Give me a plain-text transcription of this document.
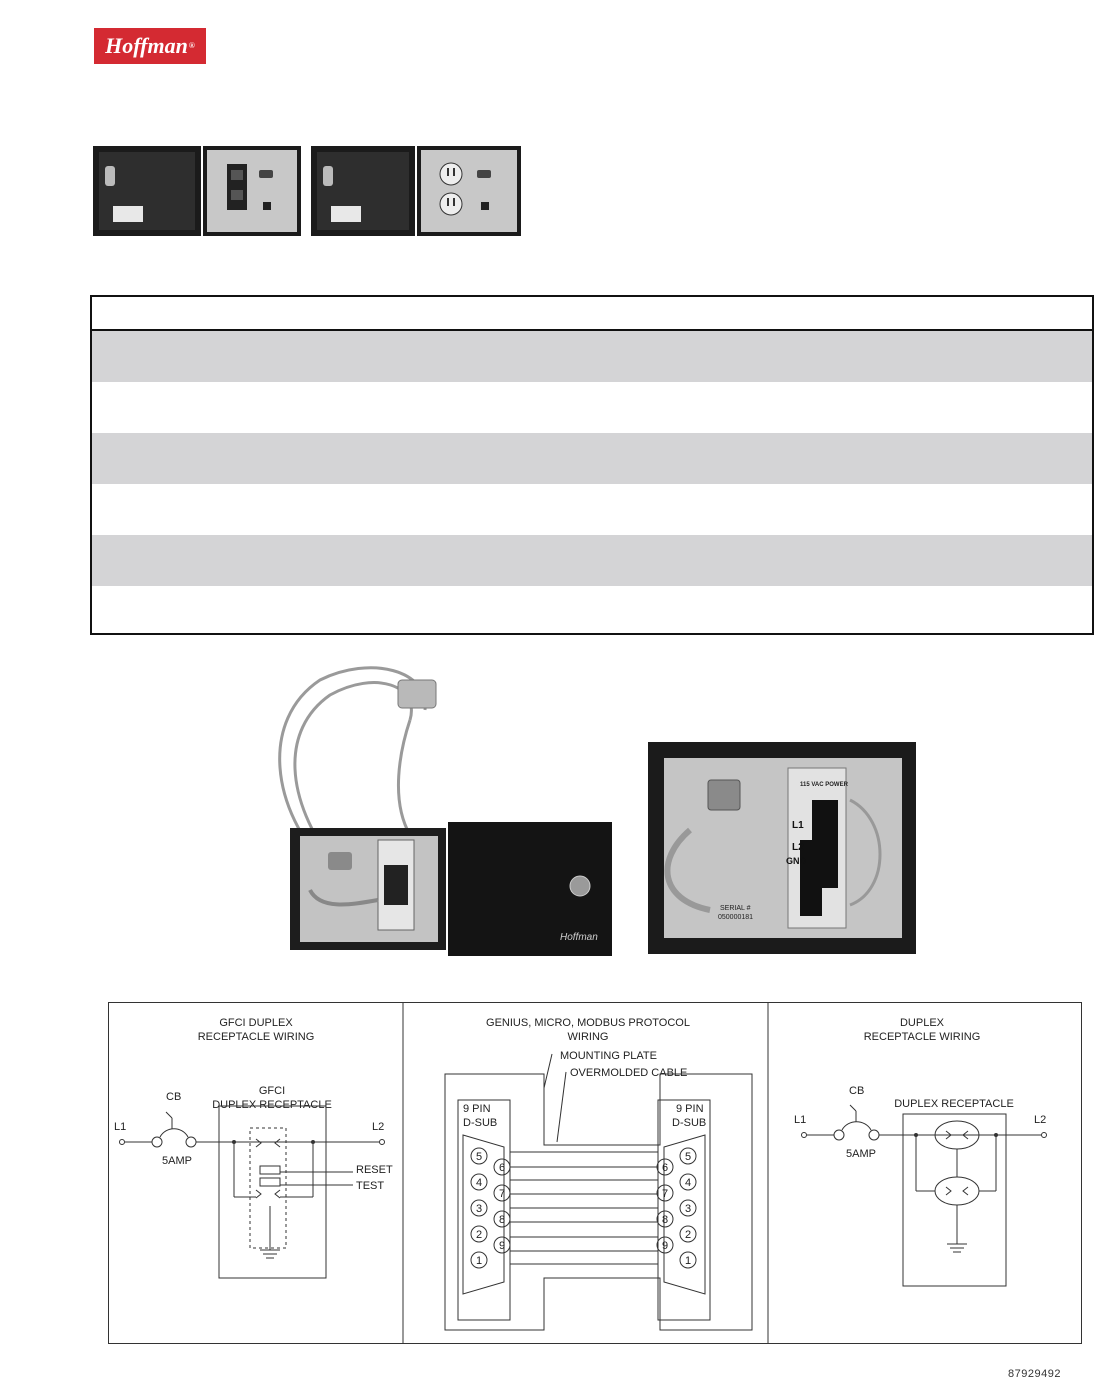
Hoffman®
Hoffman
115 VAC POWER
L1
L2
GND
SERIAL #
050000181
GFCI DUPLEX
RECEPTACLE WIRING
L1	L2
CB
5AMP
GFCI
DUPLEX RECEPTACLE
RESET
TEST
GENIUS, MICRO, MODBUS PROTOCOL
WIRING
MOUNTING PLATE
OVERMOLDED CABLE
9 PIN
D-SUB
9 PIN
D-SUB
5
4
3
2
1
6
7
8
9
5
4
3
2
1
6
7
8
9
DUPLEX
RECEPTACLE WIRING
CB
L1	L2
5AMP
DUPLEX RECEPTACLE
87929492
